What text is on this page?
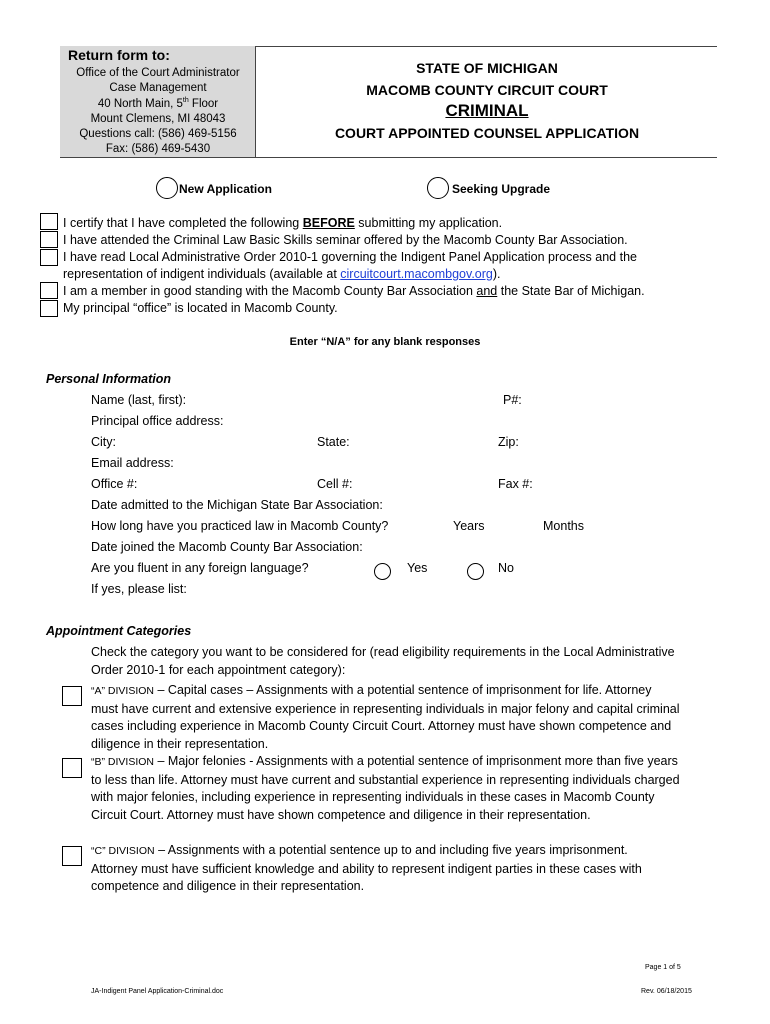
Return form to:
Office of the Court Administrator
Case Management
40 North Main, 5th Floor
Mount Clemens, MI 48043
Questions call: (586) 469-5156
Fax: (586) 469-5430
STATE OF MICHIGAN
MACOMB COUNTY CIRCUIT COURT
CRIMINAL
COURT APPOINTED COUNSEL APPLICATION
New Application	Seeking Upgrade
I certify that I have completed the following BEFORE submitting my application.
I have attended the Criminal Law Basic Skills seminar offered by the Macomb County Bar Association.
I have read Local Administrative Order 2010-1 governing the Indigent Panel Application process and the
representation of indigent individuals (available at circuitcourt.macombgov.org).
I am a member in good standing with the Macomb County Bar Association and the State Bar of Michigan.
My principal “office” is located in Macomb County.
Enter “N/A” for any blank responses
Personal Information
Name (last, first):	P#:
Principal office address:
City:	State:	Zip:
Email address:
Office #:	Cell #:	Fax #:
Date admitted to the Michigan State Bar Association:
How long have you practiced law in Macomb County?	Years	Months
Date joined the Macomb County Bar Association:
Are you fluent in any foreign language?	Yes	No
If yes, please list:
Appointment Categories
Check the category you want to be considered for (read eligibility requirements in the Local Administrative Order 2010-1 for each appointment category):
“A” DIVISION – Capital cases – Assignments with a potential sentence of imprisonment for life. Attorney must have current and extensive experience in representing individuals in major felony and capital criminal cases including experience in Macomb County Circuit Court. Attorney must have shown competence and diligence in their representation.
“B” DIVISION – Major felonies - Assignments with a potential sentence of imprisonment more than five years to less than life. Attorney must have current and substantial experience in representing individuals charged with major felonies, including experience in representing individuals in these cases in Macomb County Circuit Court. Attorney must have shown competence and diligence in their representation.
“C” DIVISION – Assignments with a potential sentence up to and including five years imprisonment. Attorney must have sufficient knowledge and ability to represent indigent parties in these cases with competence and diligence in their representation.
Page 1 of 5
JA-Indigent Panel Application-Criminal.doc	Rev. 06/18/2015
